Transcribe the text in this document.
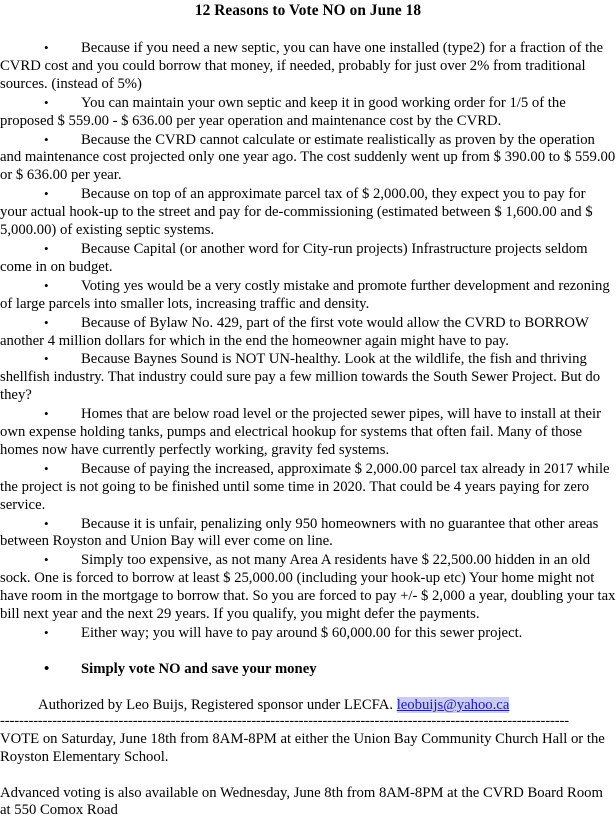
12 Reasons to Vote NO on June 18

• Because if you need a new septic, you can have one installed (type2) for a fraction of the CVRD cost and you could borrow that money, if needed, probably for just over 2% from traditional sources. (instead of 5%)

• You can maintain your own septic and keep it in good working order for 1/5 of the proposed $ 559.00 - $ 636.00 per year operation and maintenance cost by the CVRD.

• Because the CVRD cannot calculate or estimate realistically as proven by the operation and maintenance cost projected only one year ago. The cost suddenly went up from $ 390.00 to $ 559.00 or $ 636.00 per year.

• Because on top of an approximate parcel tax of $ 2,000.00, they expect you to pay for your actual hook-up to the street and pay for de-commissioning (estimated between $ 1,600.00 and $ 5,000.00) of existing septic systems.

• Because Capital (or another word for City-run projects) Infrastructure projects seldom come in on budget.

• Voting yes would be a very costly mistake and promote further development and rezoning of large parcels into smaller lots, increasing traffic and density.

• Because of Bylaw No. 429, part of the first vote would allow the CVRD to BORROW another 4 million dollars for which in the end the homeowner again might have to pay.

• Because Baynes Sound is NOT UN-healthy. Look at the wildlife, the fish and thriving shellfish industry. That industry could sure pay a few million towards the South Sewer Project. But do they?

• Homes that are below road level or the projected sewer pipes, will have to install at their own expense holding tanks, pumps and electrical hookup for systems that often fail. Many of those homes now have currently perfectly working, gravity fed systems.

• Because of paying the increased, approximate $ 2,000.00 parcel tax already in 2017 while the project is not going to be finished until some time in 2020. That could be 4 years paying for zero service.

• Because it is unfair, penalizing only 950 homeowners with no guarantee that other areas between Royston and Union Bay will ever come on line.

• Simply too expensive, as not many Area A residents have $ 22,500.00 hidden in an old sock. One is forced to borrow at least $ 25,000.00 (including your hook-up etc) Your home might not have room in the mortgage to borrow that. So you are forced to pay +/- $ 2,000 a year, doubling your tax bill next year and the next 29 years. If you qualify, you might defer the payments.

• Either way; you will have to pay around $ 60,000.00 for this sewer project.

• Simply vote NO and save your money

Authorized by Leo Buijs, Registered sponsor under LECFA. leobuijs@yahoo.ca

------------------------------------------------------------------------------------------------------------------------

VOTE on Saturday, June 18th from 8AM-8PM at either the Union Bay Community Church Hall or the Royston Elementary School.

Advanced voting is also available on Wednesday, June 8th from 8AM-8PM at the CVRD Board Room at 550 Comox Road
